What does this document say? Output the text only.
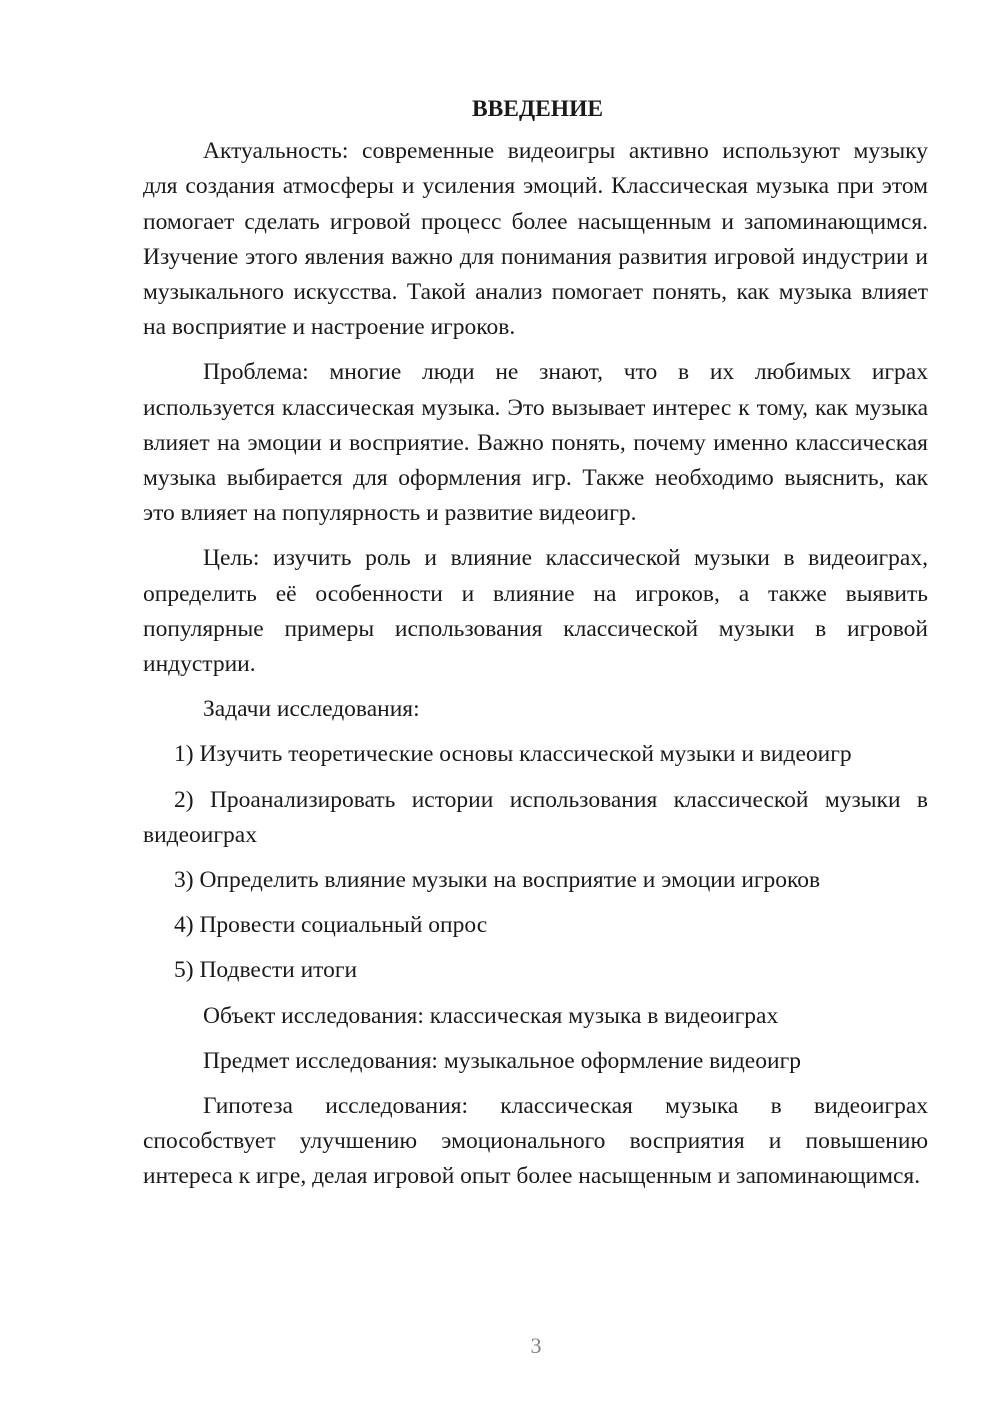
ВВЕДЕНИЕ

Актуальность: современные видеоигры активно используют музыку для создания атмосферы и усиления эмоций. Классическая музыка при этом помогает сделать игровой процесс более насыщенным и запоминающимся. Изучение этого явления важно для понимания развития игровой индустрии и музыкального искусства. Такой анализ помогает понять, как музыка влияет на восприятие и настроение игроков.

Проблема: многие люди не знают, что в их любимых играх используется классическая музыка. Это вызывает интерес к тому, как музыка влияет на эмоции и восприятие. Важно понять, почему именно классическая музыка выбирается для оформления игр. Также необходимо выяснить, как это влияет на популярность и развитие видеоигр.

Цель: изучить роль и влияние классической музыки в видеоиграх, определить её особенности и влияние на игроков, а также выявить популярные примеры использования классической музыки в игровой индустрии.

Задачи исследования:

1) Изучить теоретические основы классической музыки и видеоигр

2) Проанализировать истории использования классической музыки в видеоиграх

3) Определить влияние музыки на восприятие и эмоции игроков

4) Провести социальный опрос

5) Подвести итоги

Объект исследования: классическая музыка в видеоиграх

Предмет исследования: музыкальное оформление видеоигр

Гипотеза исследования: классическая музыка в видеоиграх способствует улучшению эмоционального восприятия и повышению интереса к игре, делая игровой опыт более насыщенным и запоминающимся.

3
